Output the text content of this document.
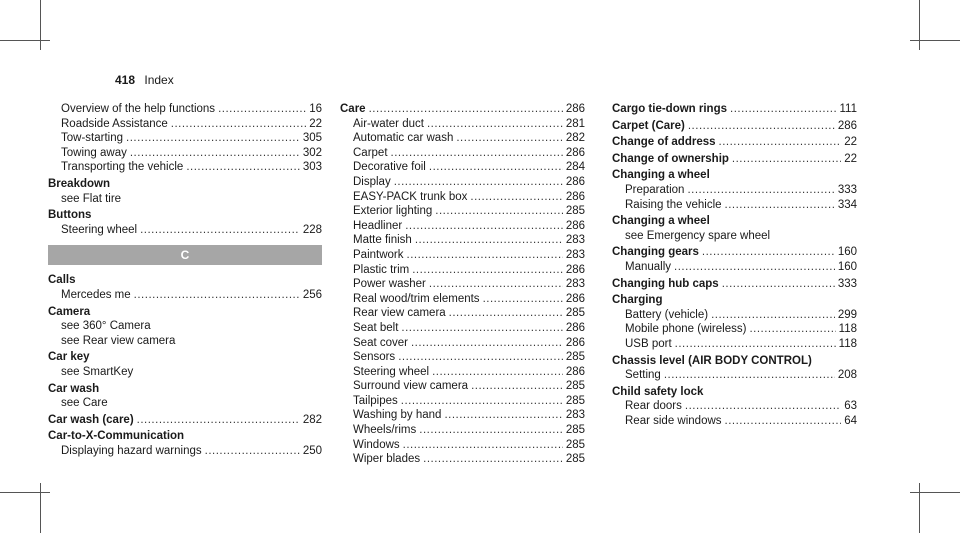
418 Index
Overview of the help functions .....	16
Roadside Assistance .....	22
Tow-starting .....	305
Towing away .....	302
Transporting the vehicle .....	303
Breakdown
see Flat tire
Buttons
Steering wheel .....	228
C
Calls
Mercedes me .....	256
Camera
see 360° Camera
see Rear view camera
Car key
see SmartKey
Car wash
see Care
Car wash (care) .....	282
Car-to-X-Communication
Displaying hazard warnings .....	250
Care .....	286
Air-water duct .....	281
Automatic car wash .....	282
Carpet .....	286
Decorative foil .....	284
Display .....	286
EASY-PACK trunk box .....	286
Exterior lighting .....	285
Headliner .....	286
Matte finish .....	283
Paintwork .....	283
Plastic trim .....	286
Power washer .....	283
Real wood/trim elements .....	286
Rear view camera .....	285
Seat belt .....	286
Seat cover .....	286
Sensors .....	285
Steering wheel .....	286
Surround view camera .....	285
Tailpipes .....	285
Washing by hand .....	283
Wheels/rims .....	285
Windows .....	285
Wiper blades .....	285
Cargo tie-down rings .....	111
Carpet (Care) .....	286
Change of address .....	22
Change of ownership .....	22
Changing a wheel
Preparation .....	333
Raising the vehicle .....	334
Changing a wheel
see Emergency spare wheel
Changing gears .....	160
Manually .....	160
Changing hub caps .....	333
Charging
Battery (vehicle) .....	299
Mobile phone (wireless) .....	118
USB port .....	118
Chassis level (AIR BODY CONTROL)
Setting .....	208
Child safety lock
Rear doors .....	63
Rear side windows .....	64
